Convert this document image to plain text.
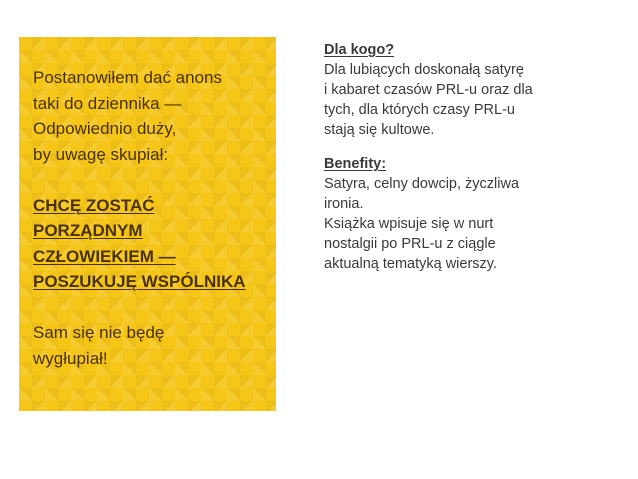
Postanowiłem dać anons

taki do dziennika —

Odpowiednio duży,

by uwagę skupiał:

CHCĘ ZOSTAĆ

PORZĄDNYM

CZŁOWIEKIEM —

POSZUKUJĘ WSPÓLNIKA

Sam się nie będę

wygłupiał!

Dla kogo?

Dla lubiących doskonałą satyrę

i kabaret czasów PRL-u oraz dla

tych, dla których czasy PRL-u

stają się kultowe.

Benefity:

Satyra, celny dowcip, życzliwa

ironia.

Książka wpisuje się w nurt

nostalgii po PRL-u z ciągle

aktualną tematyką wierszy.
